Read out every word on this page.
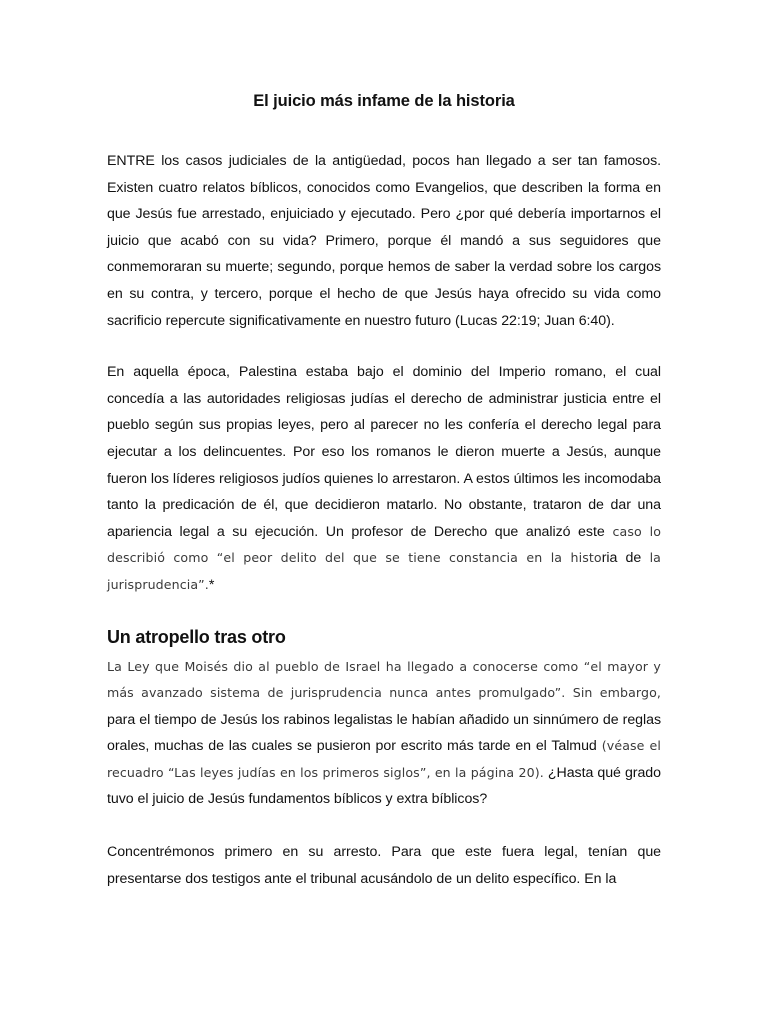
El juicio más infame de la historia

ENTRE los casos judiciales de la antigüedad, pocos han llegado a ser tan famosos. Existen cuatro relatos bíblicos, conocidos como Evangelios, que describen la forma en que Jesús fue arrestado, enjuiciado y ejecutado. Pero ¿por qué debería importarnos el juicio que acabó con su vida? Primero, porque él mandó a sus seguidores que conmemoraran su muerte; segundo, porque hemos de saber la verdad sobre los cargos en su contra, y tercero, porque el hecho de que Jesús haya ofrecido su vida como sacrificio repercute significativamente en nuestro futuro (Lucas 22:19; Juan 6:40).

En aquella época, Palestina estaba bajo el dominio del Imperio romano, el cual concedía a las autoridades religiosas judías el derecho de administrar justicia entre el pueblo según sus propias leyes, pero al parecer no les confería el derecho legal para ejecutar a los delincuentes. Por eso los romanos le dieron muerte a Jesús, aunque fueron los líderes religiosos judíos quienes lo arrestaron. A estos últimos les incomodaba tanto la predicación de él, que decidieron matarlo. No obstante, trataron de dar una apariencia legal a su ejecución. Un profesor de Derecho que analizó este caso lo describió como “el peor delito del que se tiene constancia en la historia de la jurisprudencia”.*

Un atropello tras otro

La Ley que Moisés dio al pueblo de Israel ha llegado a conocerse como “el mayor y más avanzado sistema de jurisprudencia nunca antes promulgado”. Sin embargo, para el tiempo de Jesús los rabinos legalistas le habían añadido un sinnúmero de reglas orales, muchas de las cuales se pusieron por escrito más tarde en el Talmud (véase el recuadro “Las leyes judías en los primeros siglos”, en la página 20). ¿Hasta qué grado tuvo el juicio de Jesús fundamentos bíblicos y extra bíblicos?

Concentrémonos primero en su arresto. Para que este fuera legal, tenían que presentarse dos testigos ante el tribunal acusándolo de un delito específico. En la
